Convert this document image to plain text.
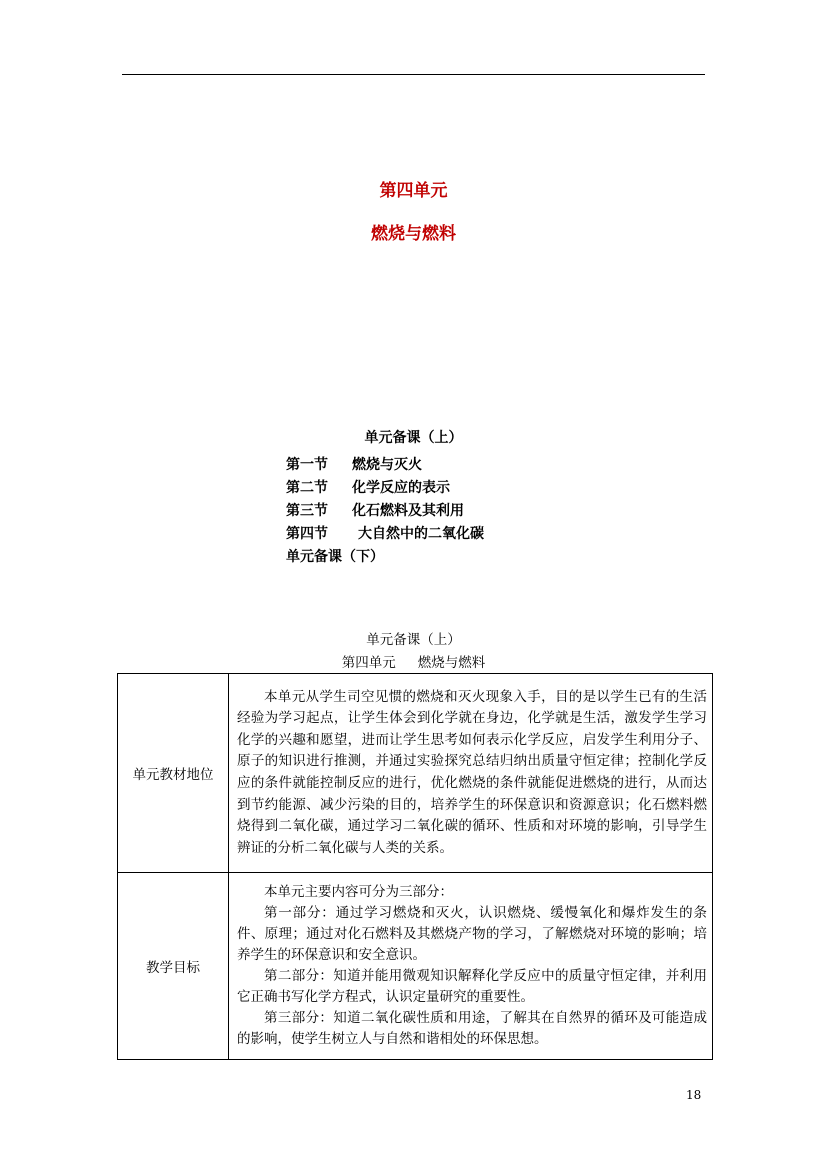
第四单元
燃烧与燃料
单元备课（上）
第一节 燃烧与灭火
第二节 化学反应的表示
第三节 化石燃料及其利用
第四节 大自然中的二氧化碳
单元备课（下）
单元备课（上）
第四单元 燃烧与燃料
单元教材地位	本单元从学生司空见惯的燃烧和灭火现象入手，目的是以学生已有的生活经验为学习起点，让学生体会到化学就在身边，化学就是生活，激发学生学习化学的兴趣和愿望，进而让学生思考如何表示化学反应，启发学生利用分子、原子的知识进行推测，并通过实验探究总结归纳出质量守恒定律；控制化学反应的条件就能控制反应的进行，优化燃烧的条件就能促进燃烧的进行，从而达到节约能源、减少污染的目的，培养学生的环保意识和资源意识；化石燃料燃烧得到二氧化碳，通过学习二氧化碳的循环、性质和对环境的影响，引导学生辨证的分析二氧化碳与人类的关系。

教学目标	本单元主要内容可分为三部分：

第一部分：通过学习燃烧和灭火，认识燃烧、缓慢氧化和爆炸发生的条件、原理；通过对化石燃料及其燃烧产物的学习，了解燃烧对环境的影响；培养学生的环保意识和安全意识。

第二部分：知道并能用微观知识解释化学反应中的质量守恒定律，并利用它正确书写化学方程式，认识定量研究的重要性。

第三部分：知道二氧化碳性质和用途，了解其在自然界的循环及可能造成的影响，使学生树立人与自然和谐相处的环保思想。

18
